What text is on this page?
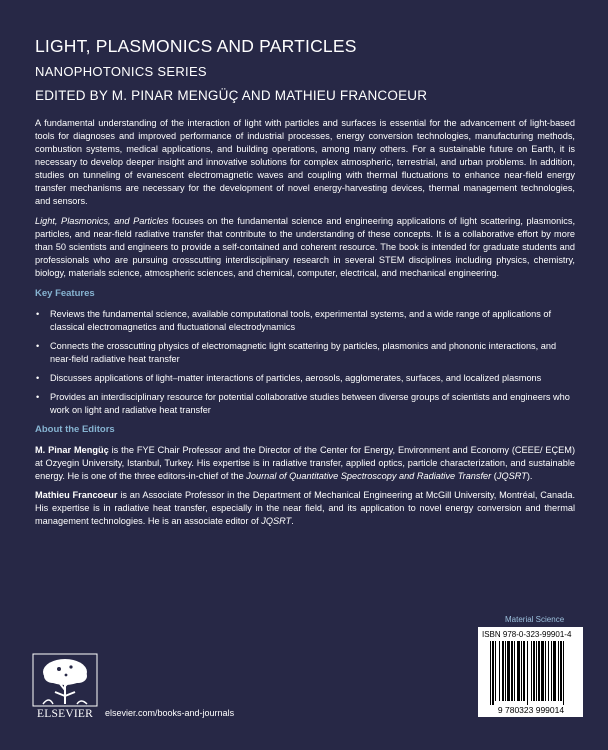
LIGHT, PLASMONICS AND PARTICLES
NANOPHOTONICS SERIES
EDITED BY M. PINAR MENGÜÇ AND MATHIEU FRANCOEUR

A fundamental understanding of the interaction of light with particles and surfaces is essential for the advancement of light-based tools for diagnoses and improved performance of industrial processes, energy conversion technologies, manufacturing methods, combustion systems, medical applications, and building operations, among many others. For a sustainable future on Earth, it is necessary to develop deeper insight and innovative solutions for complex atmospheric, terrestrial, and urban problems. In addition, studies on tunneling of evanescent electromagnetic waves and coupling with thermal fluctuations to enhance near-field energy transfer mechanisms are necessary for the development of novel energy-harvesting devices, thermal management technologies, and sensors.

Light, Plasmonics, and Particles focuses on the fundamental science and engineering applications of light scattering, plasmonics, particles, and near-field radiative transfer that contribute to the understanding of these concepts. It is a collaborative effort by more than 50 scientists and engineers to provide a self-contained and coherent resource. The book is intended for graduate students and professionals who are pursuing crosscutting interdisciplinary research in several STEM disciplines including physics, chemistry, biology, materials science, atmospheric sciences, and chemical, computer, electrical, and mechanical engineering.

Key Features
• Reviews the fundamental science, available computational tools, experimental systems, and a wide range of applications of classical electromagnetics and fluctuational electrodynamics
• Connects the crosscutting physics of electromagnetic light scattering by particles, plasmonics and phononic interactions, and near-field radiative heat transfer
• Discusses applications of light–matter interactions of particles, aerosols, agglomerates, surfaces, and localized plasmons
• Provides an interdisciplinary resource for potential collaborative studies between diverse groups of scientists and engineers who work on light and radiative heat transfer
About the Editors

M. Pinar Mengüç is the FYE Chair Professor and the Director of the Center for Energy, Environment and Economy (CEEE/ EÇEM) at Ozyegin University, Istanbul, Turkey. His expertise is in radiative transfer, applied optics, particle characterization, and sustainable energy. He is one of the three editors-in-chief of the Journal of Quantitative Spectroscopy and Radiative Transfer (JQSRT).

Mathieu Francoeur is an Associate Professor in the Department of Mechanical Engineering at McGill University, Montréal, Canada. His expertise is in radiative heat transfer, especially in the near field, and its application to novel energy conversion and thermal management technologies. He is an associate editor of JQSRT.

Material Science
ISBN 978-0-323-99901-4
9 780323 999014
ELSEVIER	elsevier.com/books-and-journals
